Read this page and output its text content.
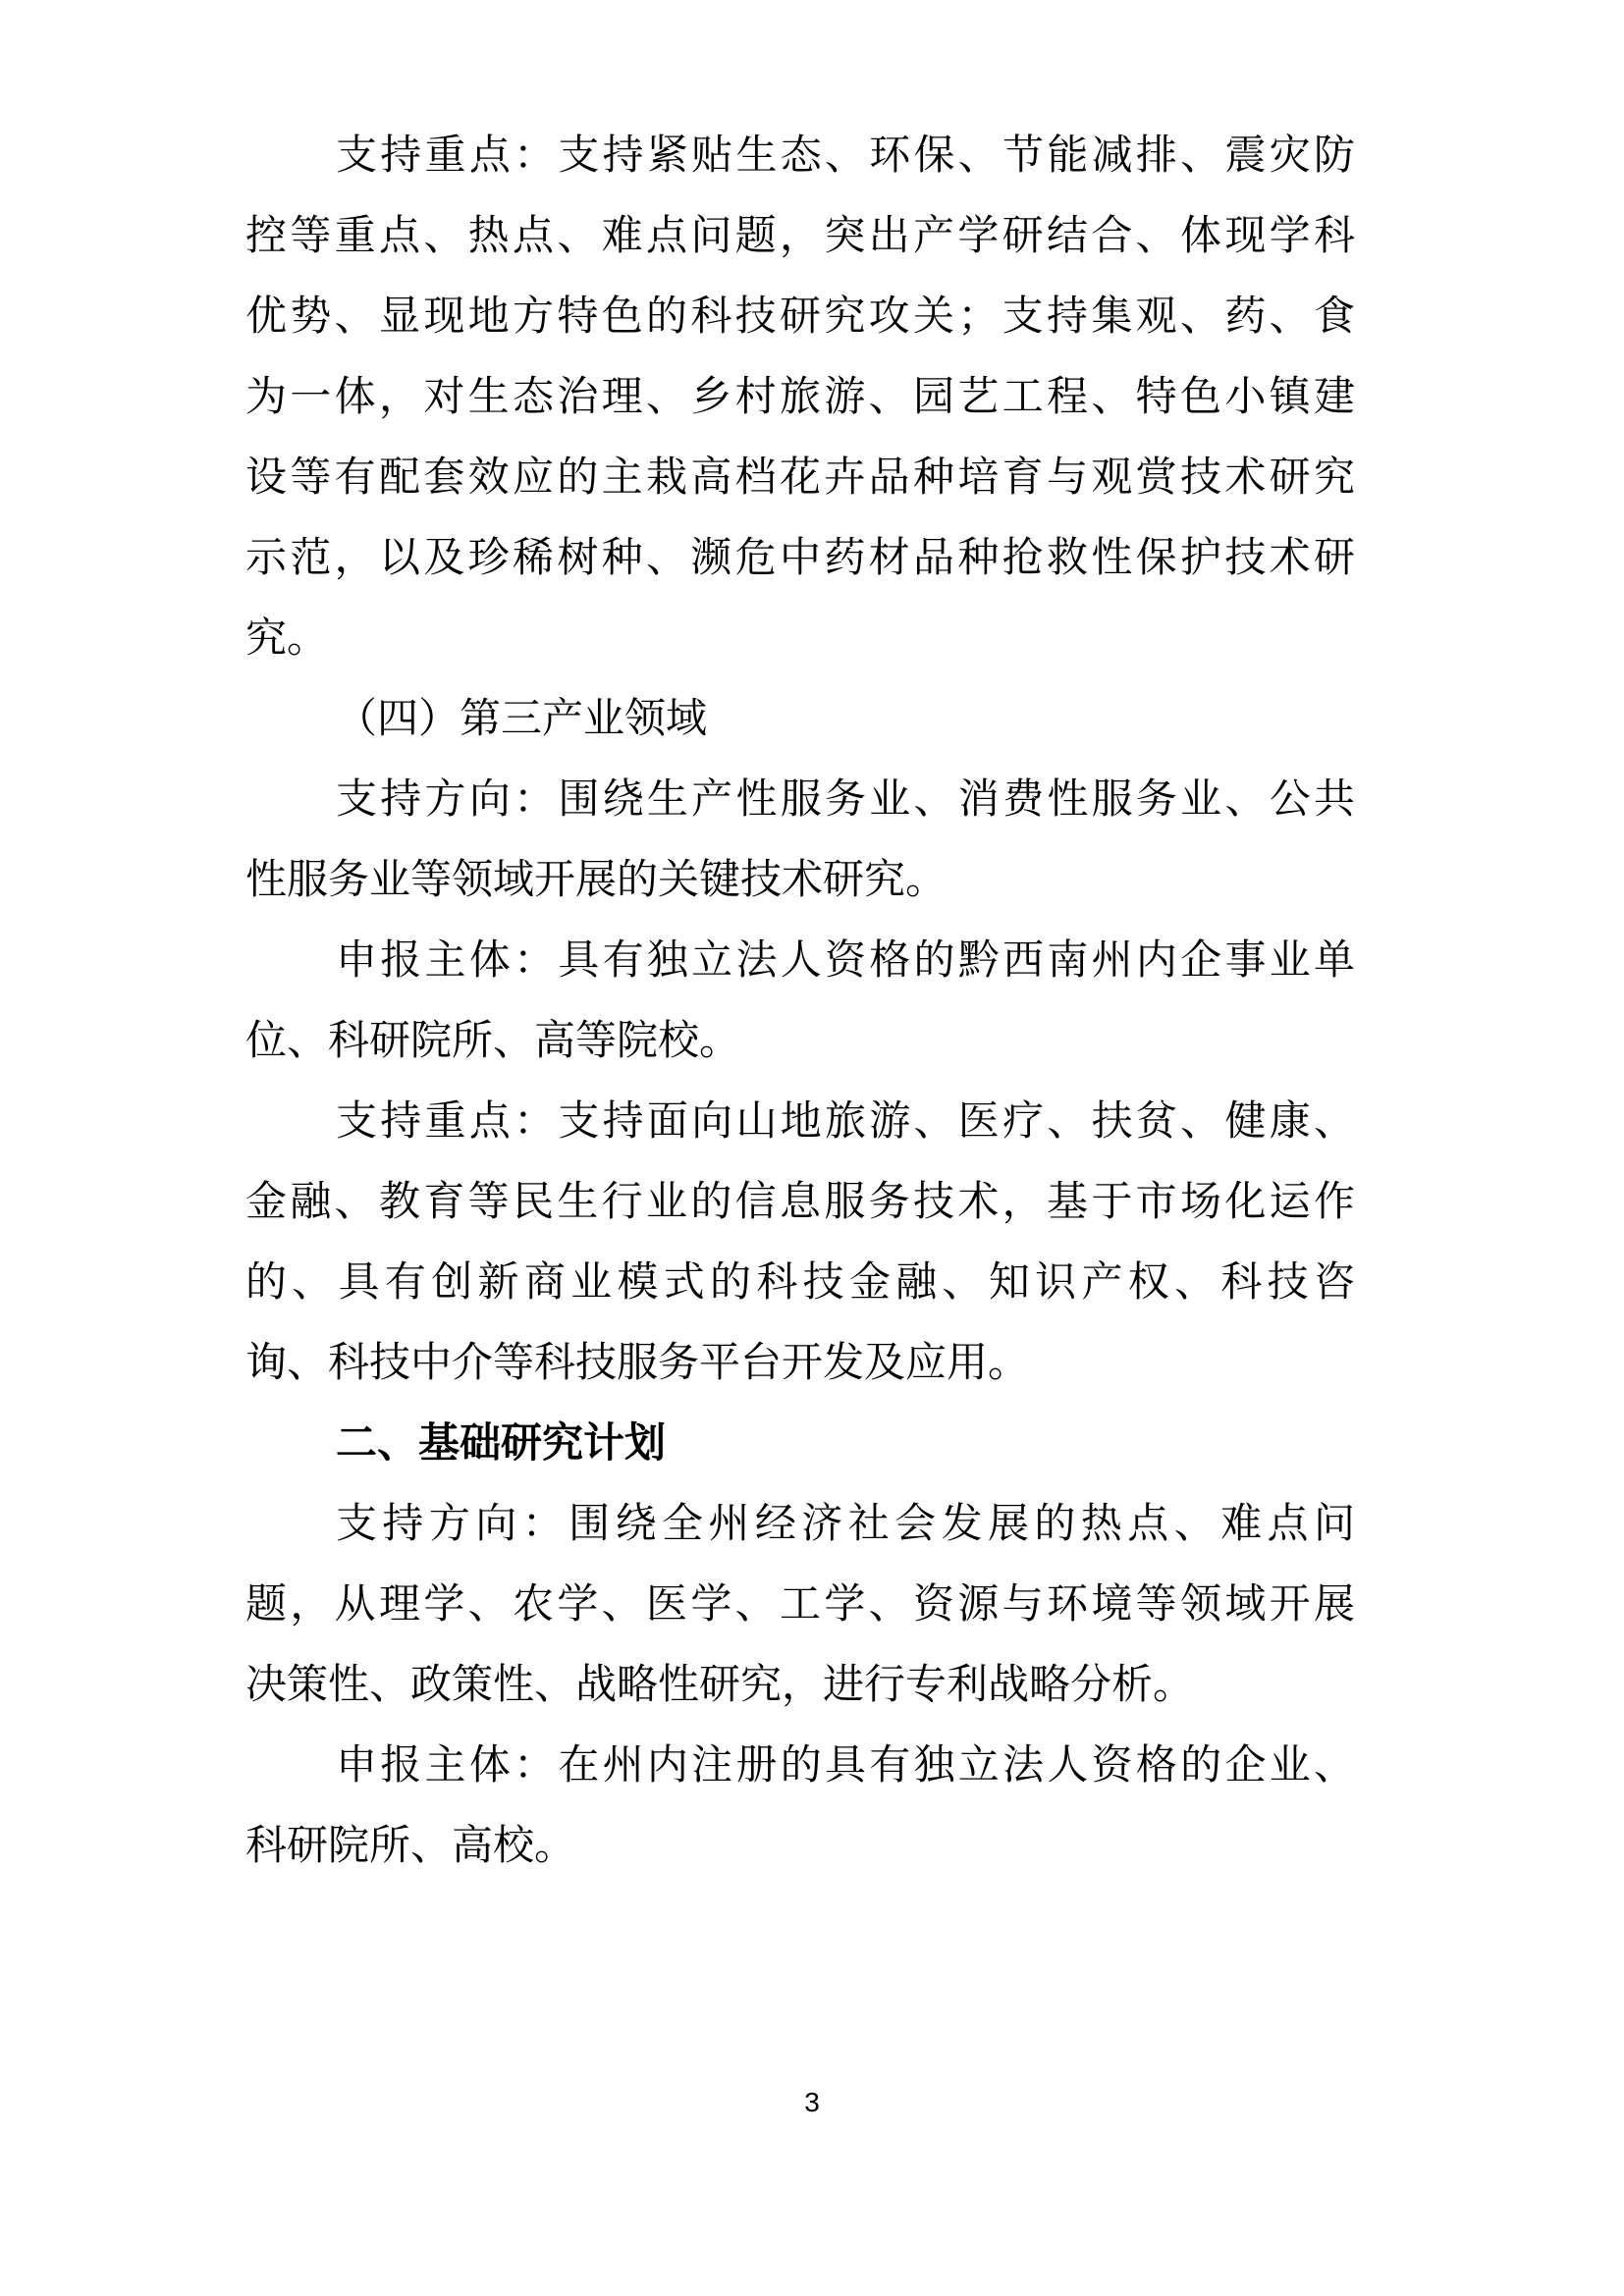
支持重点：支持紧贴生态、环保、节能减排、震灾防
控等重点、热点、难点问题，突出产学研结合、体现学科
优势、显现地方特色的科技研究攻关；支持集观、药、食
为一体，对生态治理、乡村旅游、园艺工程、特色小镇建
设等有配套效应的主栽高档花卉品种培育与观赏技术研究
示范，以及珍稀树种、濒危中药材品种抢救性保护技术研
究。
（四）第三产业领域
支持方向：围绕生产性服务业、消费性服务业、公共
性服务业等领域开展的关键技术研究。
申报主体：具有独立法人资格的黔西南州内企事业单
位、科研院所、高等院校。
支持重点：支持面向山地旅游、医疗、扶贫、健康、
金融、教育等民生行业的信息服务技术，基于市场化运作
的、具有创新商业模式的科技金融、知识产权、科技咨
询、科技中介等科技服务平台开发及应用。
二、基础研究计划
支持方向：围绕全州经济社会发展的热点、难点问
题，从理学、农学、医学、工学、资源与环境等领域开展
决策性、政策性、战略性研究，进行专利战略分析。
申报主体：在州内注册的具有独立法人资格的企业、
科研院所、高校。
3
